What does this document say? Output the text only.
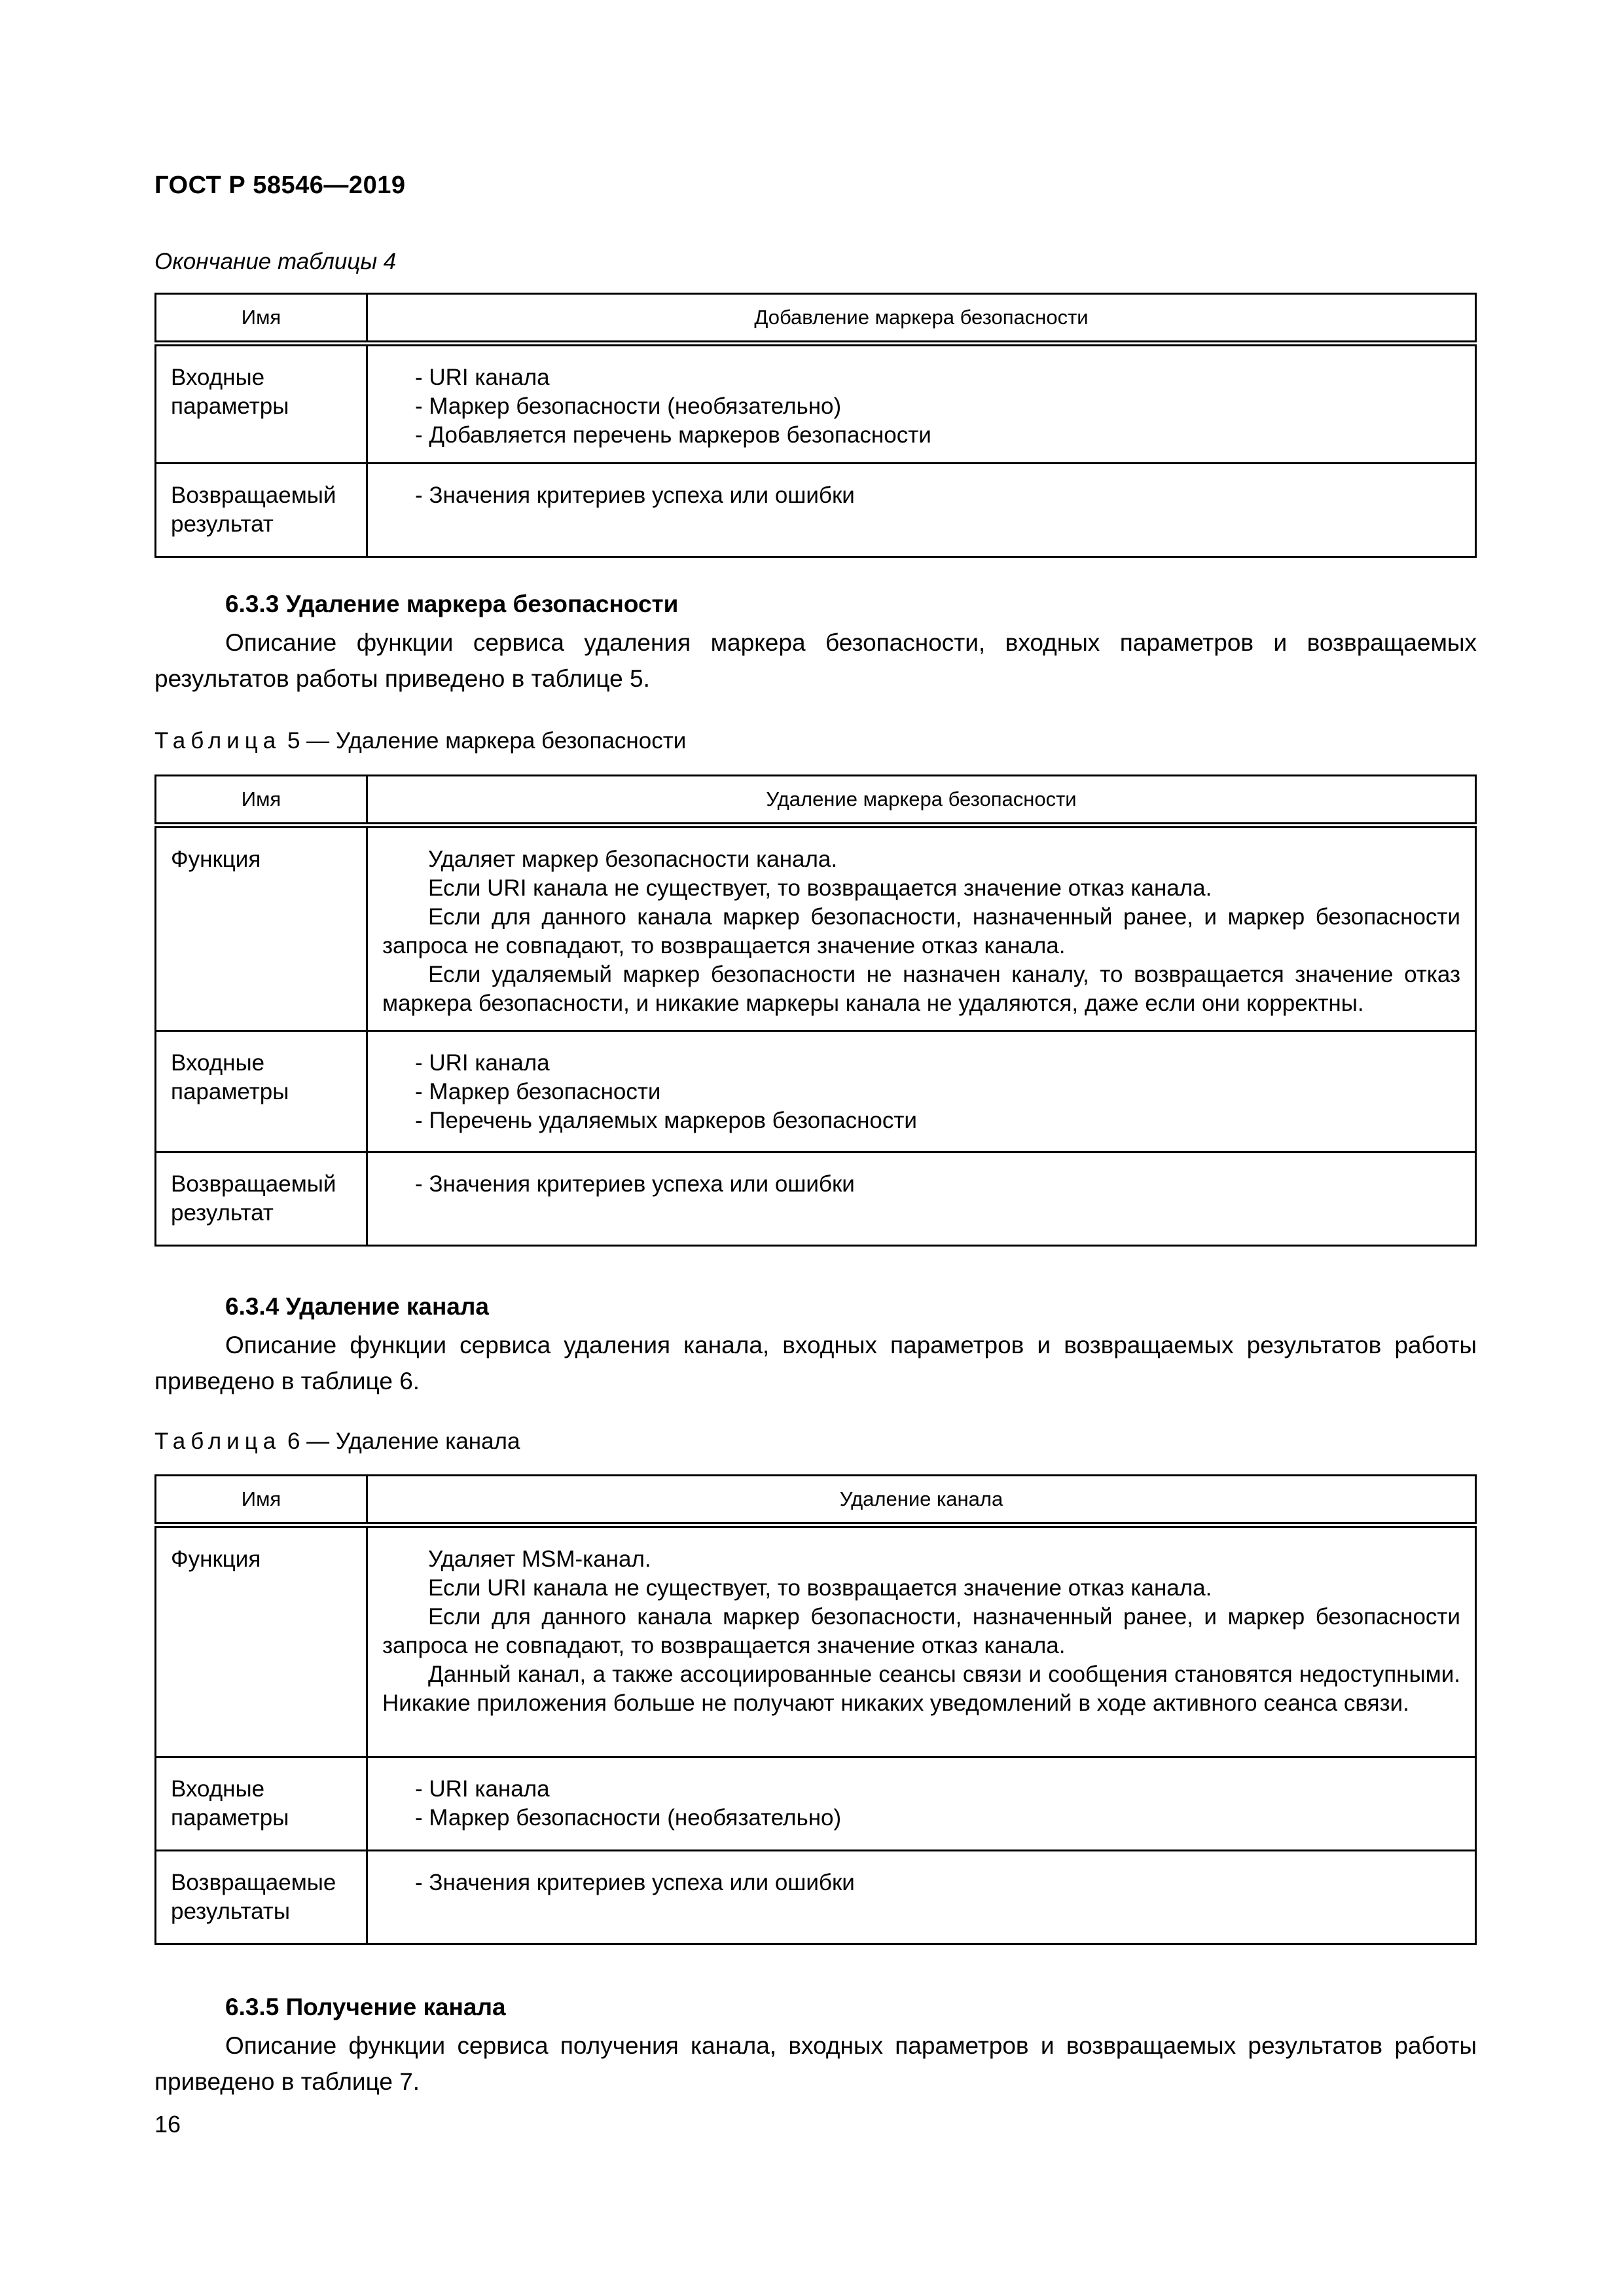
ГОСТ Р 58546—2019
Окончание таблицы 4
Имя	Добавление маркера безопасности
Входные параметры	- URI канала
- Маркер безопасности (необязательно)
- Добавляется перечень маркеров безопасности

Возвращаемый результат	- Значения критериев успеха или ошибки
6.3.3 Удаление маркера безопасности
Описание функции сервиса удаления маркера безопасности, входных параметров и возвращаемых результатов работы приведено в таблице 5.
Таблица 5 — Удаление маркера безопасности
Имя	Удаление маркера безопасности
Функция	Удаляет маркер безопасности канала.
Если URI канала не существует, то возвращается значение отказ канала.
Если для данного канала маркер безопасности, назначенный ранее, и маркер безопасности запроса не совпадают, то возвращается значение отказ канала.
Если удаляемый маркер безопасности не назначен каналу, то возвращается значение отказ маркера безопасности, и никакие маркеры канала не удаляются, даже если они корректны.

Входные параметры	- URI канала
- Маркер безопасности
- Перечень удаляемых маркеров безопасности

Возвращаемый результат	- Значения критериев успеха или ошибки
6.3.4 Удаление канала
Описание функции сервиса удаления канала, входных параметров и возвращаемых результатов работы приведено в таблице 6.
Таблица 6 — Удаление канала
Имя	Удаление канала
Функция	Удаляет MSM-канал.
Если URI канала не существует, то возвращается значение отказ канала.
Если для данного канала маркер безопасности, назначенный ранее, и маркер безопасности запроса не совпадают, то возвращается значение отказ канала.
Данный канал, а также ассоциированные сеансы связи и сообщения становятся недоступными. Никакие приложения больше не получают никаких уведомлений в ходе активного сеанса связи.

Входные параметры	- URI канала
- Маркер безопасности (необязательно)

Возвращаемые результаты	- Значения критериев успеха или ошибки
6.3.5 Получение канала
Описание функции сервиса получения канала, входных параметров и возвращаемых результатов работы приведено в таблице 7.
16
